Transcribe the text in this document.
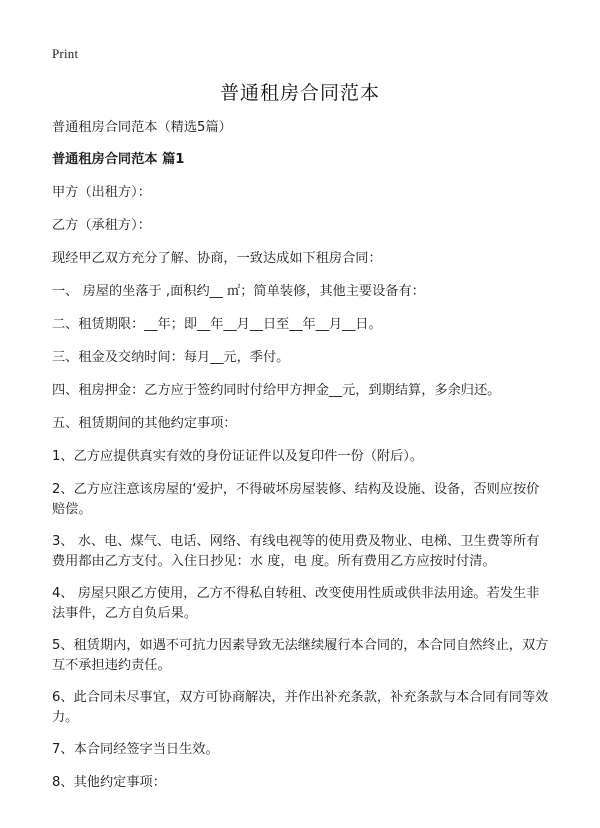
Print
普通租房合同范本

普通租房合同范本（精选5篇）

普通租房合同范本 篇1

甲方（出租方）：

乙方（承租方）：

现经甲乙双方充分了解、协商，一致达成如下租房合同：

一、 房屋的坐落于 ,面积约__ ㎡；简单装修，其他主要设备有：

二、租赁期限：__年；即__年__月__日至__年__月__日。

三、租金及交纳时间：每月__元，季付。

四、租房押金：乙方应于签约同时付给甲方押金__元，到期结算，多余归还。

五、租赁期间的其他约定事项：

1、乙方应提供真实有效的身份证证件以及复印件一份（附后）。

2、乙方应注意该房屋的‘爱护，不得破坏房屋装修、结构及设施、设备，否则应按价赔偿。

3、 水、电、煤气、电话、网络、有线电视等的使用费及物业、电梯、卫生费等所有费用都由乙方支付。入住日抄见：水 度，电 度。所有费用乙方应按时付清。

4、 房屋只限乙方使用，乙方不得私自转租、改变使用性质或供非法用途。若发生非法事件，乙方自负后果。

5、租赁期内，如遇不可抗力因素导致无法继续履行本合同的，本合同自然终止，双方互不承担违约责任。

6、此合同未尽事宜，双方可协商解决，并作出补充条款，补充条款与本合同有同等效力。

7、本合同经签字当日生效。

8、其他约定事项：
